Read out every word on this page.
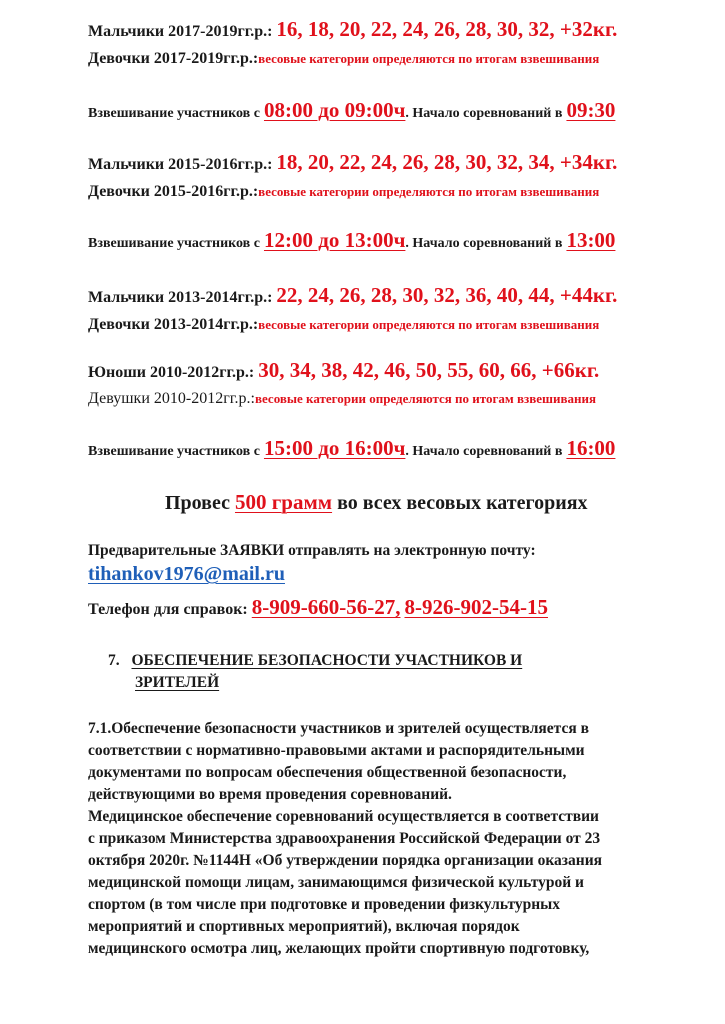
Мальчики 2017-2019гг.р.: 16, 18, 20, 22, 24, 26, 28, 30, 32, +32кг.
Девочки 2017-2019гг.р.:весовые категории определяются по итогам взвешивания
Взвешивание участников с 08:00 до 09:00ч. Начало соревнований в 09:30
Мальчики 2015-2016гг.р.: 18, 20, 22, 24, 26, 28, 30, 32, 34, +34кг.
Девочки 2015-2016гг.р.:весовые категории определяются по итогам взвешивания
Взвешивание участников с 12:00 до 13:00ч. Начало соревнований в 13:00
Мальчики 2013-2014гг.р.: 22, 24, 26, 28, 30, 32, 36, 40, 44, +44кг.
Девочки 2013-2014гг.р.:весовые категории определяются по итогам взвешивания
Юноши 2010-2012гг.р.: 30, 34, 38, 42, 46, 50, 55, 60, 66, +66кг.
Девушки 2010-2012гг.р.:весовые категории определяются по итогам взвешивания
Взвешивание участников с 15:00 до 16:00ч. Начало соревнований в 16:00
Провес 500 грамм во всех весовых категориях
Предварительные ЗАЯВКИ отправлять на электронную почту:
tihankov1976@mail.ru
Телефон для справок: 8-909-660-56-27, 8-926-902-54-15
7. ОБЕСПЕЧЕНИЕ БЕЗОПАСНОСТИ УЧАСТНИКОВ И
ЗРИТЕЛЕЙ
7.1.Обеспечение безопасности участников и зрителей осуществляется в
соответствии с нормативно-правовыми актами и распорядительными
документами по вопросам обеспечения общественной безопасности,
действующими во время проведения соревнований.
Медицинское обеспечение соревнований осуществляется в соответствии
с приказом Министерства здравоохранения Российской Федерации от 23
октября 2020г. №1144Н «Об утверждении порядка организации оказания
медицинской помощи лицам, занимающимся физической культурой и
спортом (в том числе при подготовке и проведении физкультурных
мероприятий и спортивных мероприятий), включая порядок
медицинского осмотра лиц, желающих пройти спортивную подготовку,
